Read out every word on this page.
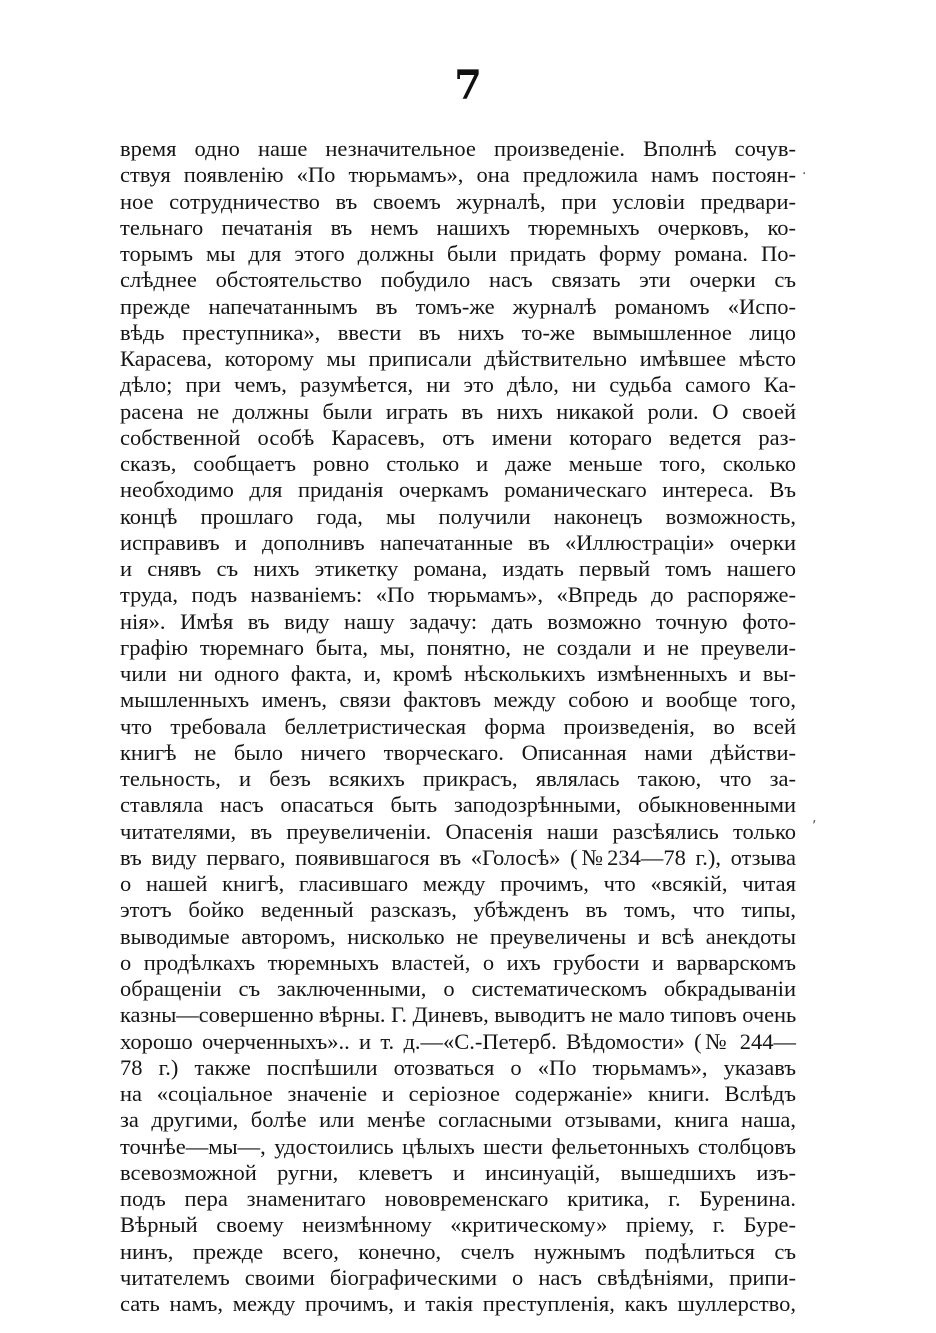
7
время одно наше незначительное произведенiе. Вполнѣ сочув-
ствуя появленiю «По тюрьмамъ», она предложила намъ постоян-
ное сотрудничество въ своемъ журналѣ, при условiи предвари-
тельнаго печатанiя въ немъ нашихъ тюремныхъ очерковъ, ко-
торымъ мы для этого должны были придать форму романа. По-
слѣднее обстоятельство побудило насъ связать эти очерки съ
прежде напечатаннымъ въ томъ-же журналѣ романомъ «Испо-
вѣдь преступника», ввести въ нихъ то-же вымышленное лицо
Карасева, которому мы приписали дѣйствительно имѣвшее мѣсто
дѣло; при чемъ, разумѣется, ни это дѣло, ни судьба самого Ка-
расена не должны были играть въ нихъ никакой роли. О своей
собственной особѣ Карасевъ, отъ имени котораго ведется раз-
сказъ, сообщаетъ ровно столько и даже меньше того, сколько
необходимо для приданiя очеркамъ романическаго интереса. Въ
концѣ прошлаго года, мы получили наконецъ возможность,
исправивъ и дополнивъ напечатанные въ «Иллюстрацiи» очерки
и снявъ съ нихъ этикетку романа, издать первый томъ нашего
труда, подъ названiемъ: «По тюрьмамъ», «Впредь до распоряже-
нiя». Имѣя въ виду нашу задачу: дать возможно точную фото-
графiю тюремнаго быта, мы, понятно, не создали и не преувели-
чили ни одного факта, и, кромѣ нѣсколькихъ измѣненныхъ и вы-
мышленныхъ именъ, связи фактовъ между собою и вообще того,
что требовала беллетристическая форма произведенiя, во всей
книгѣ не было ничего творческаго. Описанная нами дѣйстви-
тельность, и безъ всякихъ прикрасъ, являлась такою, что за-
ставляла насъ опасаться быть заподозрѣнными, обыкновенными
читателями, въ преувеличенiи. Опасенiя наши разсѣялись только
въ виду перваго, появившагося въ «Голосѣ» (№234—78 г.), отзыва
о нашей книгѣ, гласившаго между прочимъ, что «всякiй, читая
этотъ бойко веденный разсказъ, убѣжденъ въ томъ, что типы,
выводимые авторомъ, нисколько не преувеличены и всѣ анекдоты
о продѣлкахъ тюремныхъ властей, о ихъ грубости и варварскомъ
обращенiи съ заключенными, о систематическомъ обкрадыванiи
казны—совершенно вѣрны. Г. Диневъ, выводитъ не мало типовъ очень
хорошо очерченныхъ».. и т. д.—«С.-Петерб. Вѣдомости» (№ 244—
78 г.) также поспѣшили отозваться о «По тюрьмамъ», указавъ
на «соцiальное значенiе и серiозное содержанiе» книги. Вслѣдъ
за другими, болѣе или менѣе согласными отзывами, книга наша,
точнѣе—мы—, удостоились цѣлыхъ шести фельетонныхъ столбцовъ
всевозможной ругни, клеветъ и инсинуацiй, вышедшихъ изъ-
подъ пера знаменитаго нововременскаго критика, г. Буренина.
Вѣрный своему неизмѣнному «критическому» прiему, г. Буре-
нинъ, прежде всего, конечно, счелъ нужнымъ подѣлиться съ
читателемъ своими бiографическими о насъ свѣдѣнiями, припи-
сать намъ, между прочимъ, и такiя преступленiя, какъ шуллерство,
·
‚
